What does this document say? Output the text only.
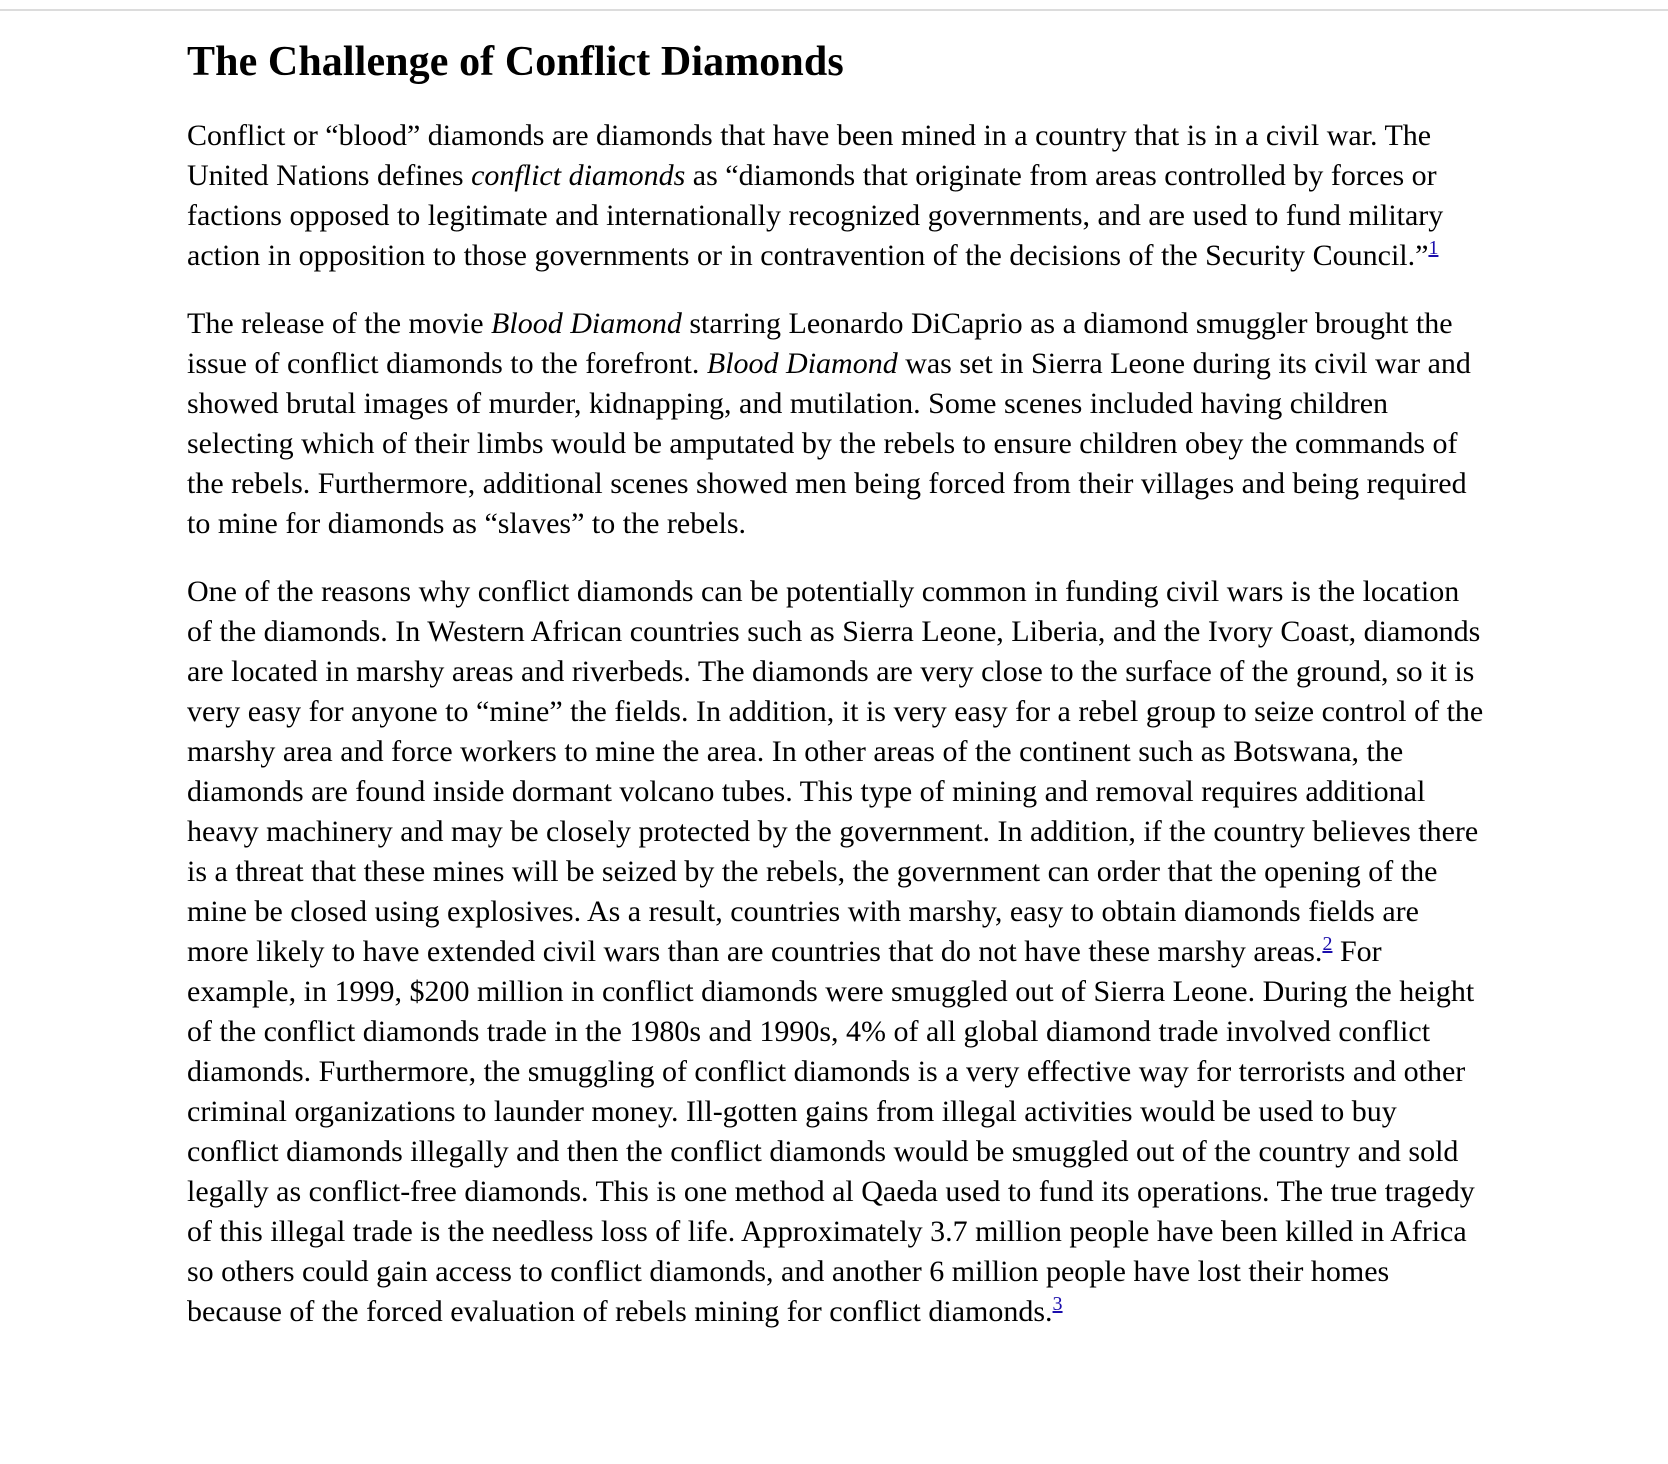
The Challenge of Conflict Diamonds

Conflict or “blood” diamonds are diamonds that have been mined in a country that is in a civil war. The United Nations defines conflict diamonds as “diamonds that originate from areas controlled by forces or factions opposed to legitimate and internationally recognized governments, and are used to fund military action in opposition to those governments or in contravention of the decisions of the Security Council.”$^1$

The release of the movie Blood Diamond starring Leonardo DiCaprio as a diamond smuggler brought the issue of conflict diamonds to the forefront. Blood Diamond was set in Sierra Leone during its civil war and showed brutal images of murder, kidnapping, and mutilation. Some scenes included having children selecting which of their limbs would be amputated by the rebels to ensure children obey the commands of the rebels. Furthermore, additional scenes showed men being forced from their villages and being required to mine for diamonds as “slaves” to the rebels.

One of the reasons why conflict diamonds can be potentially common in funding civil wars is the location of the diamonds. In Western African countries such as Sierra Leone, Liberia, and the Ivory Coast, diamonds are located in marshy areas and riverbeds. The diamonds are very close to the surface of the ground, so it is very easy for anyone to “mine” the fields. In addition, it is very easy for a rebel group to seize control of the marshy area and force workers to mine the area. In other areas of the continent such as Botswana, the diamonds are found inside dormant volcano tubes. This type of mining and removal requires additional heavy machinery and may be closely protected by the government. In addition, if the country believes there is a threat that these mines will be seized by the rebels, the government can order that the opening of the mine be closed using explosives. As a result, countries with marshy, easy to obtain diamonds fields are more likely to have extended civil wars than are countries that do not have these marshy areas.$^2$ For example, in 1999, $200 million in conflict diamonds were smuggled out of Sierra Leone. During the height of the conflict diamonds trade in the 1980s and 1990s, 4% of all global diamond trade involved conflict diamonds. Furthermore, the smuggling of conflict diamonds is a very effective way for terrorists and other criminal organizations to launder money. Ill-gotten gains from illegal activities would be used to buy conflict diamonds illegally and then the conflict diamonds would be smuggled out of the country and sold legally as conflict-free diamonds. This is one method al Qaeda used to fund its operations. The true tragedy of this illegal trade is the needless loss of life. Approximately 3.7 million people have been killed in Africa so others could gain access to conflict diamonds, and another 6 million people have lost their homes because of the forced evaluation of rebels mining for conflict diamonds.$^3$
